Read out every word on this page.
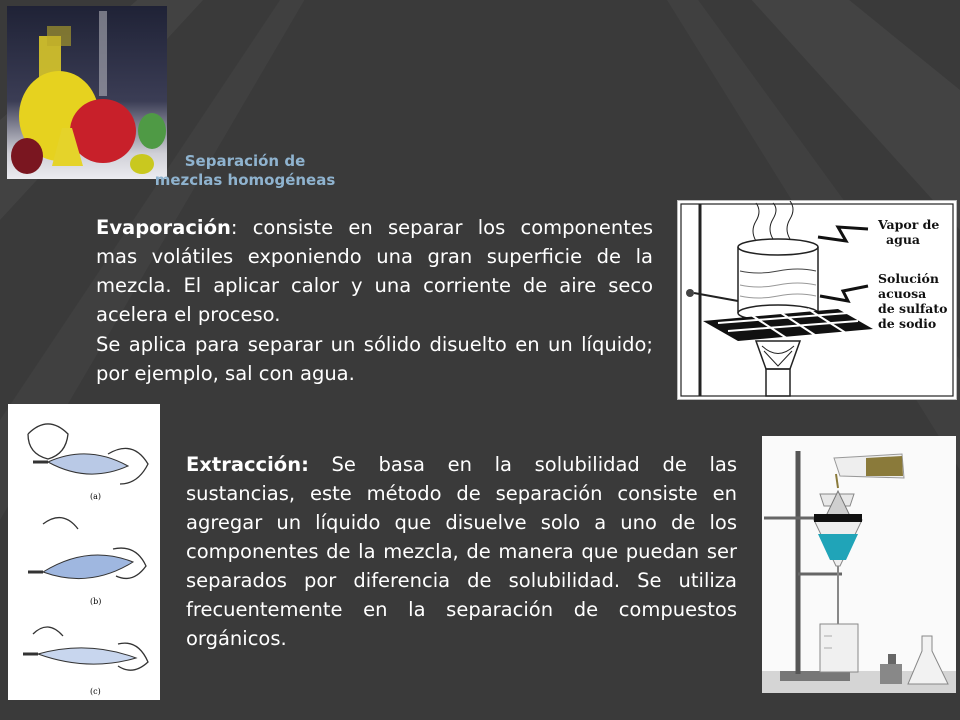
Separación de
mezclas homogéneas
Evaporación: consiste en separar los componentes mas volátiles exponiendo una gran superficie de la mezcla. El aplicar calor y una corriente de aire seco acelera el proceso.
Se aplica para separar un sólido disuelto en un líquido; por ejemplo, sal con agua.
Vapor de agua
Solución acuosa de sulfato de sodio
(a)
(b)
(c)
Extracción: Se basa en la solubilidad de las sustancias, este método de separación consiste en agregar un líquido que disuelve solo a uno de los componentes de la mezcla, de manera que puedan ser separados por diferencia de solubilidad. Se utiliza frecuentemente en la separación de compuestos orgánicos.
